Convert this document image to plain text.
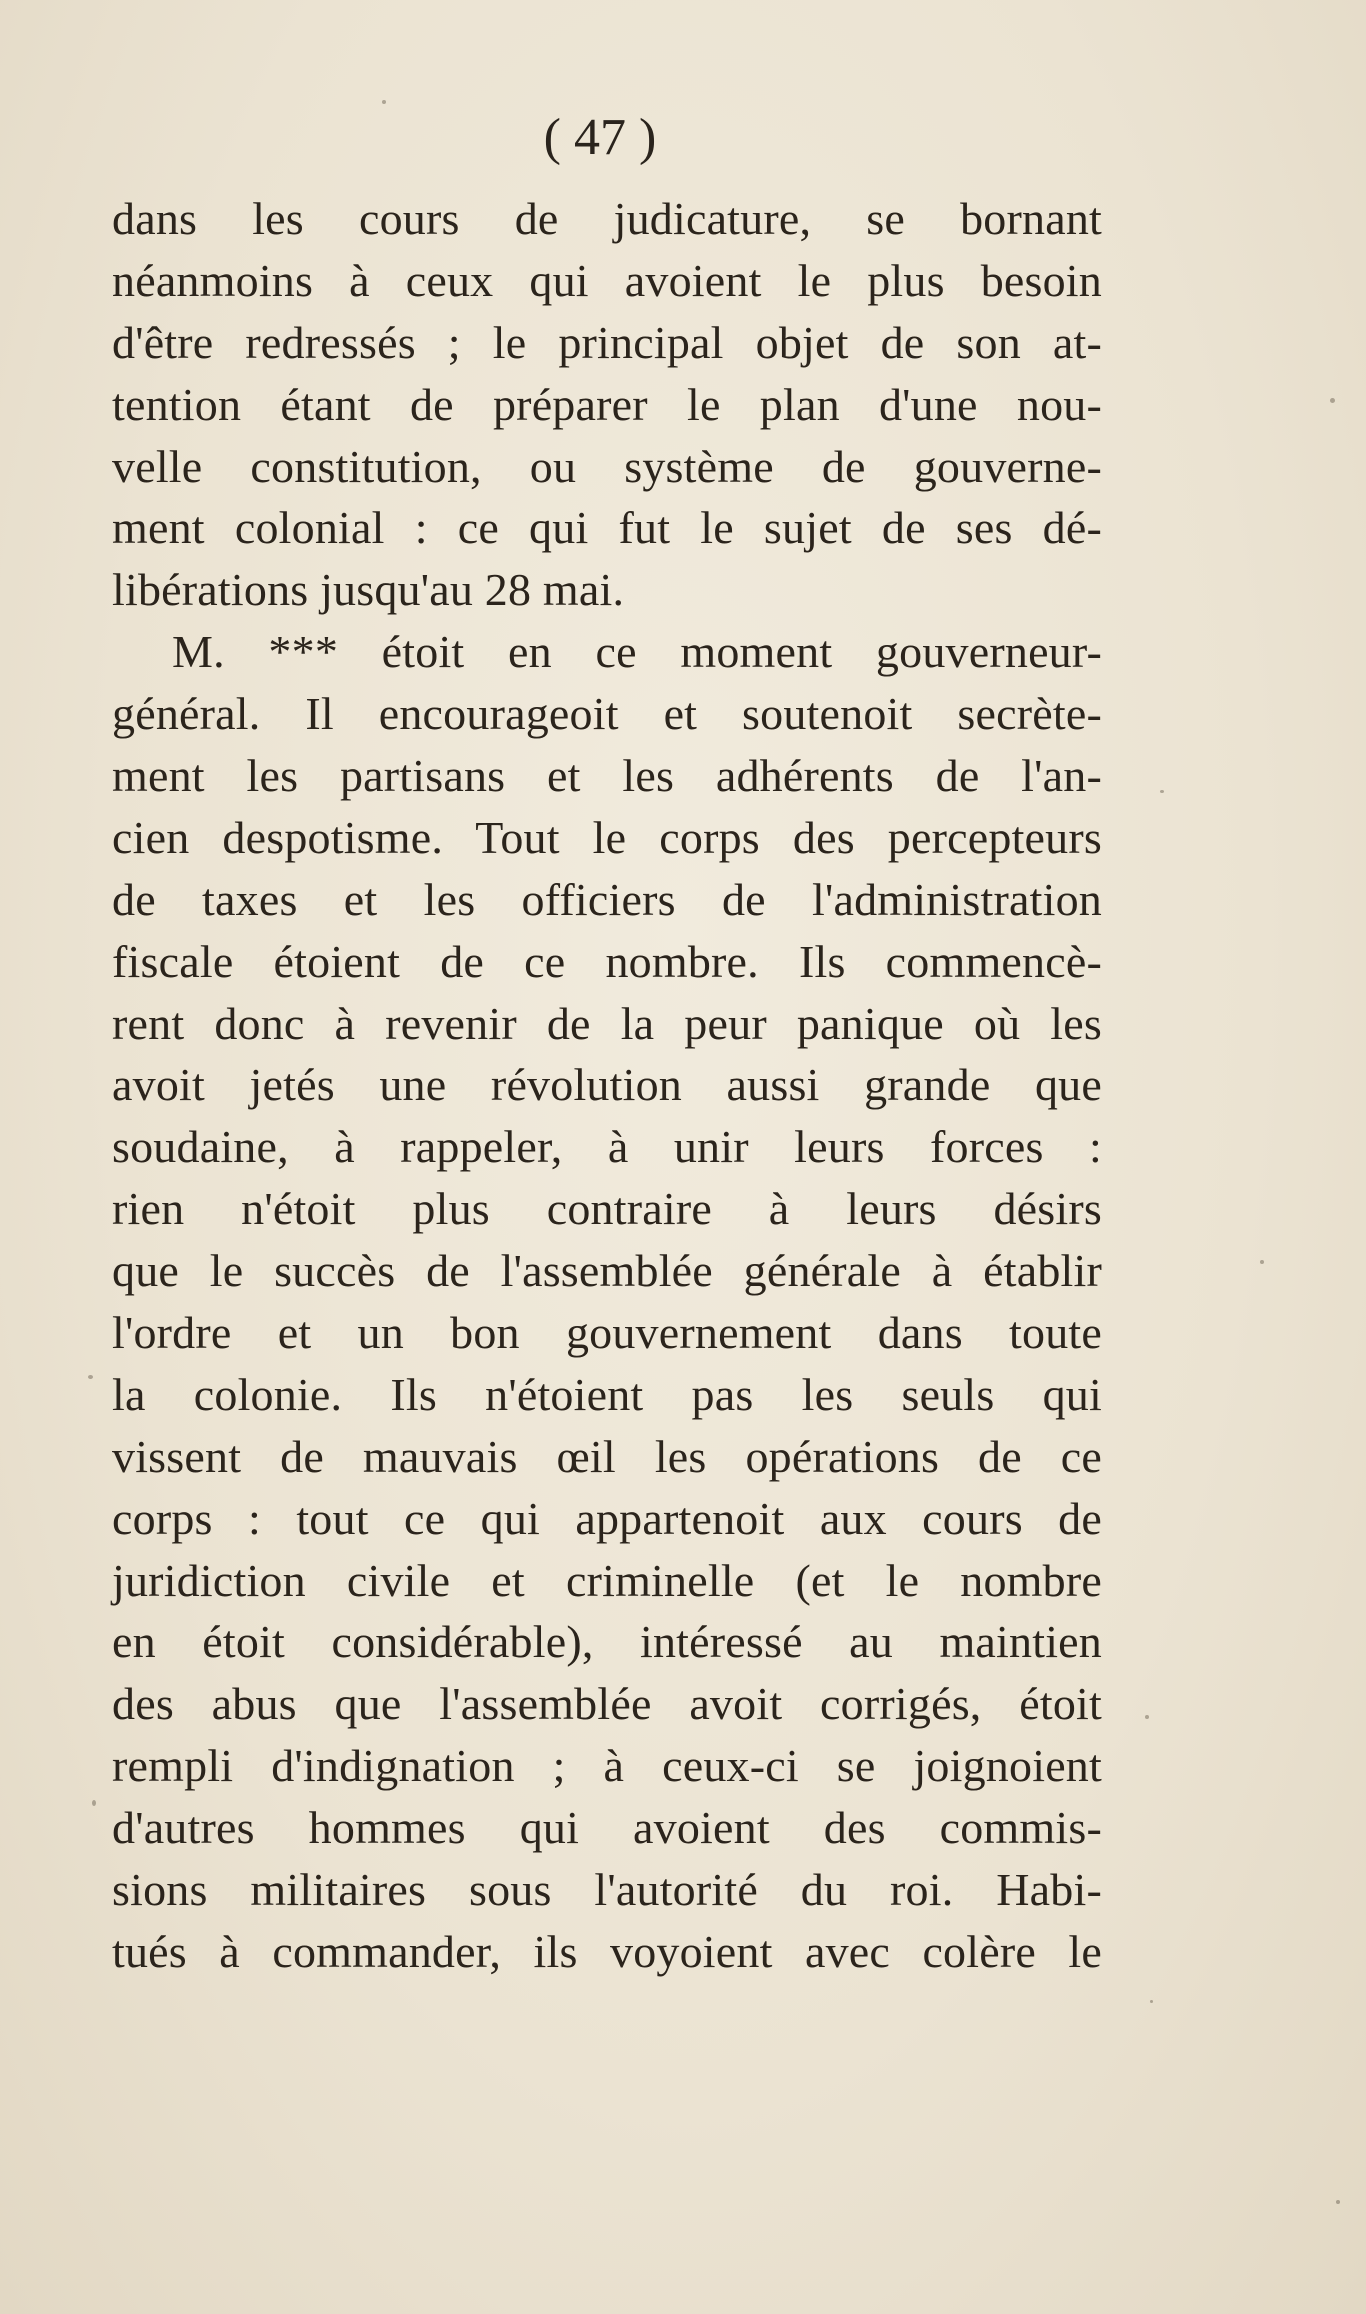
( 47 )
dans les cours de judicature, se bornant
néanmoins à ceux qui avoient le plus besoin
d'être redressés ; le principal objet de son at-
tention étant de préparer le plan d'une nou-
velle constitution, ou système de gouverne-
ment colonial : ce qui fut le sujet de ses dé-
libérations jusqu'au 28 mai.
M. *** étoit en ce moment gouverneur-
général. Il encourageoit et soutenoit secrète-
ment les partisans et les adhérents de l'an-
cien despotisme. Tout le corps des percepteurs
de taxes et les officiers de l'administration
fiscale étoient de ce nombre. Ils commencè-
rent donc à revenir de la peur panique où les
avoit jetés une révolution aussi grande que
soudaine, à rappeler, à unir leurs forces :
rien n'étoit plus contraire à leurs désirs
que le succès de l'assemblée générale à établir
l'ordre et un bon gouvernement dans toute
la colonie. Ils n'étoient pas les seuls qui
vissent de mauvais œil les opérations de ce
corps : tout ce qui appartenoit aux cours de
juridiction civile et criminelle (et le nombre
en étoit considérable), intéressé au maintien
des abus que l'assemblée avoit corrigés, étoit
rempli d'indignation ; à ceux-ci se joignoient
d'autres hommes qui avoient des commis-
sions militaires sous l'autorité du roi. Habi-
tués à commander, ils voyoient avec colère le
